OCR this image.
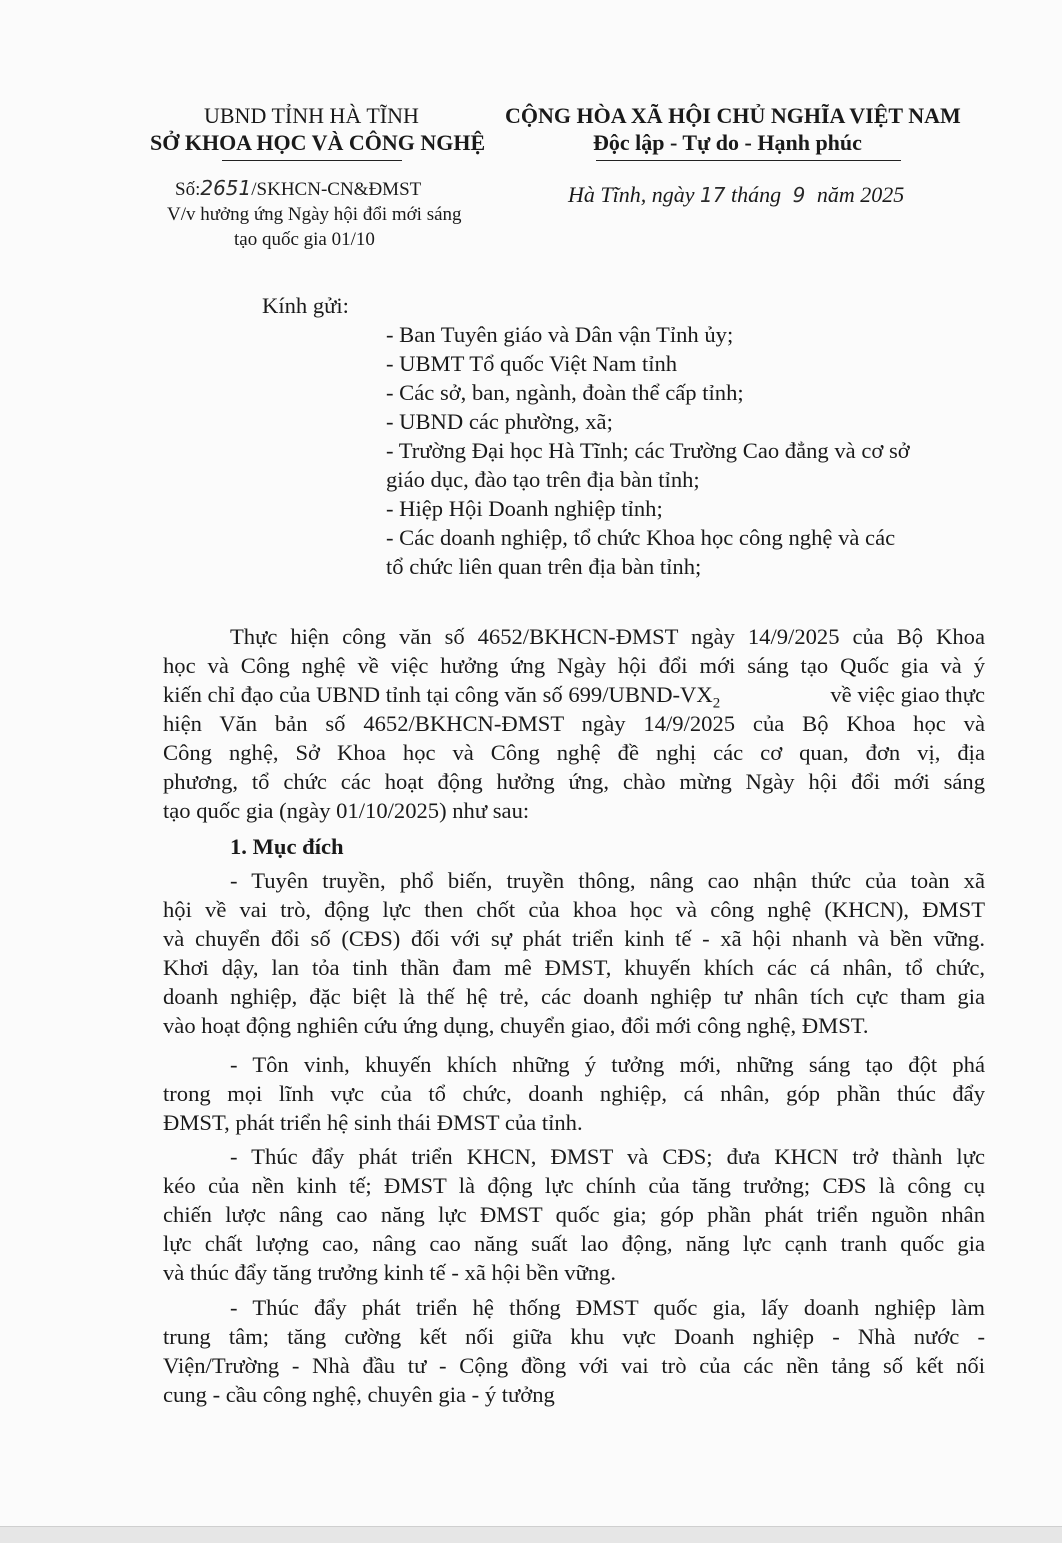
UBND TỈNH HÀ TĨNH
SỞ KHOA HỌC VÀ CÔNG NGHỆ
Số:2651/SKHCN-CN&ĐMST
V/v hưởng ứng Ngày hội đổi mới sáng
tạo quốc gia 01/10
CỘNG HÒA XÃ HỘI CHỦ NGHĨA VIỆT NAM
Độc lập - Tự do - Hạnh phúc
Hà Tĩnh, ngày 17 tháng 9 năm 2025
Kính gửi:
- Ban Tuyên giáo và Dân vận Tỉnh ủy;
- UBMT Tổ quốc Việt Nam tỉnh
- Các sở, ban, ngành, đoàn thể cấp tỉnh;
- UBND các phường, xã;
- Trường Đại học Hà Tĩnh; các Trường Cao đẳng và cơ sở
giáo dục, đào tạo trên địa bàn tỉnh;
- Hiệp Hội Doanh nghiệp tỉnh;
- Các doanh nghiệp, tổ chức Khoa học công nghệ và các
tổ chức liên quan trên địa bàn tỉnh;
Thực hiện công văn số 4652/BKHCN-ĐMST ngày 14/9/2025 của Bộ Khoa
học và Công nghệ về việc hưởng ứng Ngày hội đổi mới sáng tạo Quốc gia và ý
kiến chỉ đạo của UBND tỉnh tại công văn số $699/UBND-VX_2$	về việc giao thực
hiện Văn bản số 4652/BKHCN-ĐMST ngày 14/9/2025 của Bộ Khoa học và
Công nghệ, Sở Khoa học và Công nghệ đề nghị các cơ quan, đơn vị, địa
phương, tổ chức các hoạt động hưởng ứng, chào mừng Ngày hội đổi mới sáng
tạo quốc gia (ngày 01/10/2025) như sau:
1. Mục đích
- Tuyên truyền, phổ biến, truyền thông, nâng cao nhận thức của toàn xã
hội về vai trò, động lực then chốt của khoa học và công nghệ (KHCN), ĐMST
và chuyển đổi số (CĐS) đối với sự phát triển kinh tế - xã hội nhanh và bền vững.
Khơi dậy, lan tỏa tinh thần đam mê ĐMST, khuyến khích các cá nhân, tổ chức,
doanh nghiệp, đặc biệt là thế hệ trẻ, các doanh nghiệp tư nhân tích cực tham gia
vào hoạt động nghiên cứu ứng dụng, chuyển giao, đổi mới công nghệ, ĐMST.
- Tôn vinh, khuyến khích những ý tưởng mới, những sáng tạo đột phá
trong mọi lĩnh vực của tổ chức, doanh nghiệp, cá nhân, góp phần thúc đẩy
ĐMST, phát triển hệ sinh thái ĐMST của tỉnh.
- Thúc đẩy phát triển KHCN, ĐMST và CĐS; đưa KHCN trở thành lực
kéo của nền kinh tế; ĐMST là động lực chính của tăng trưởng; CĐS là công cụ
chiến lược nâng cao năng lực ĐMST quốc gia; góp phần phát triển nguồn nhân
lực chất lượng cao, nâng cao năng suất lao động, năng lực cạnh tranh quốc gia
và thúc đẩy tăng trưởng kinh tế - xã hội bền vững.
- Thúc đẩy phát triển hệ thống ĐMST quốc gia, lấy doanh nghiệp làm
trung tâm; tăng cường kết nối giữa khu vực Doanh nghiệp - Nhà nước -
Viện/Trường - Nhà đầu tư - Cộng đồng với vai trò của các nền tảng số kết nối
cung - cầu công nghệ, chuyên gia - ý tưởng
